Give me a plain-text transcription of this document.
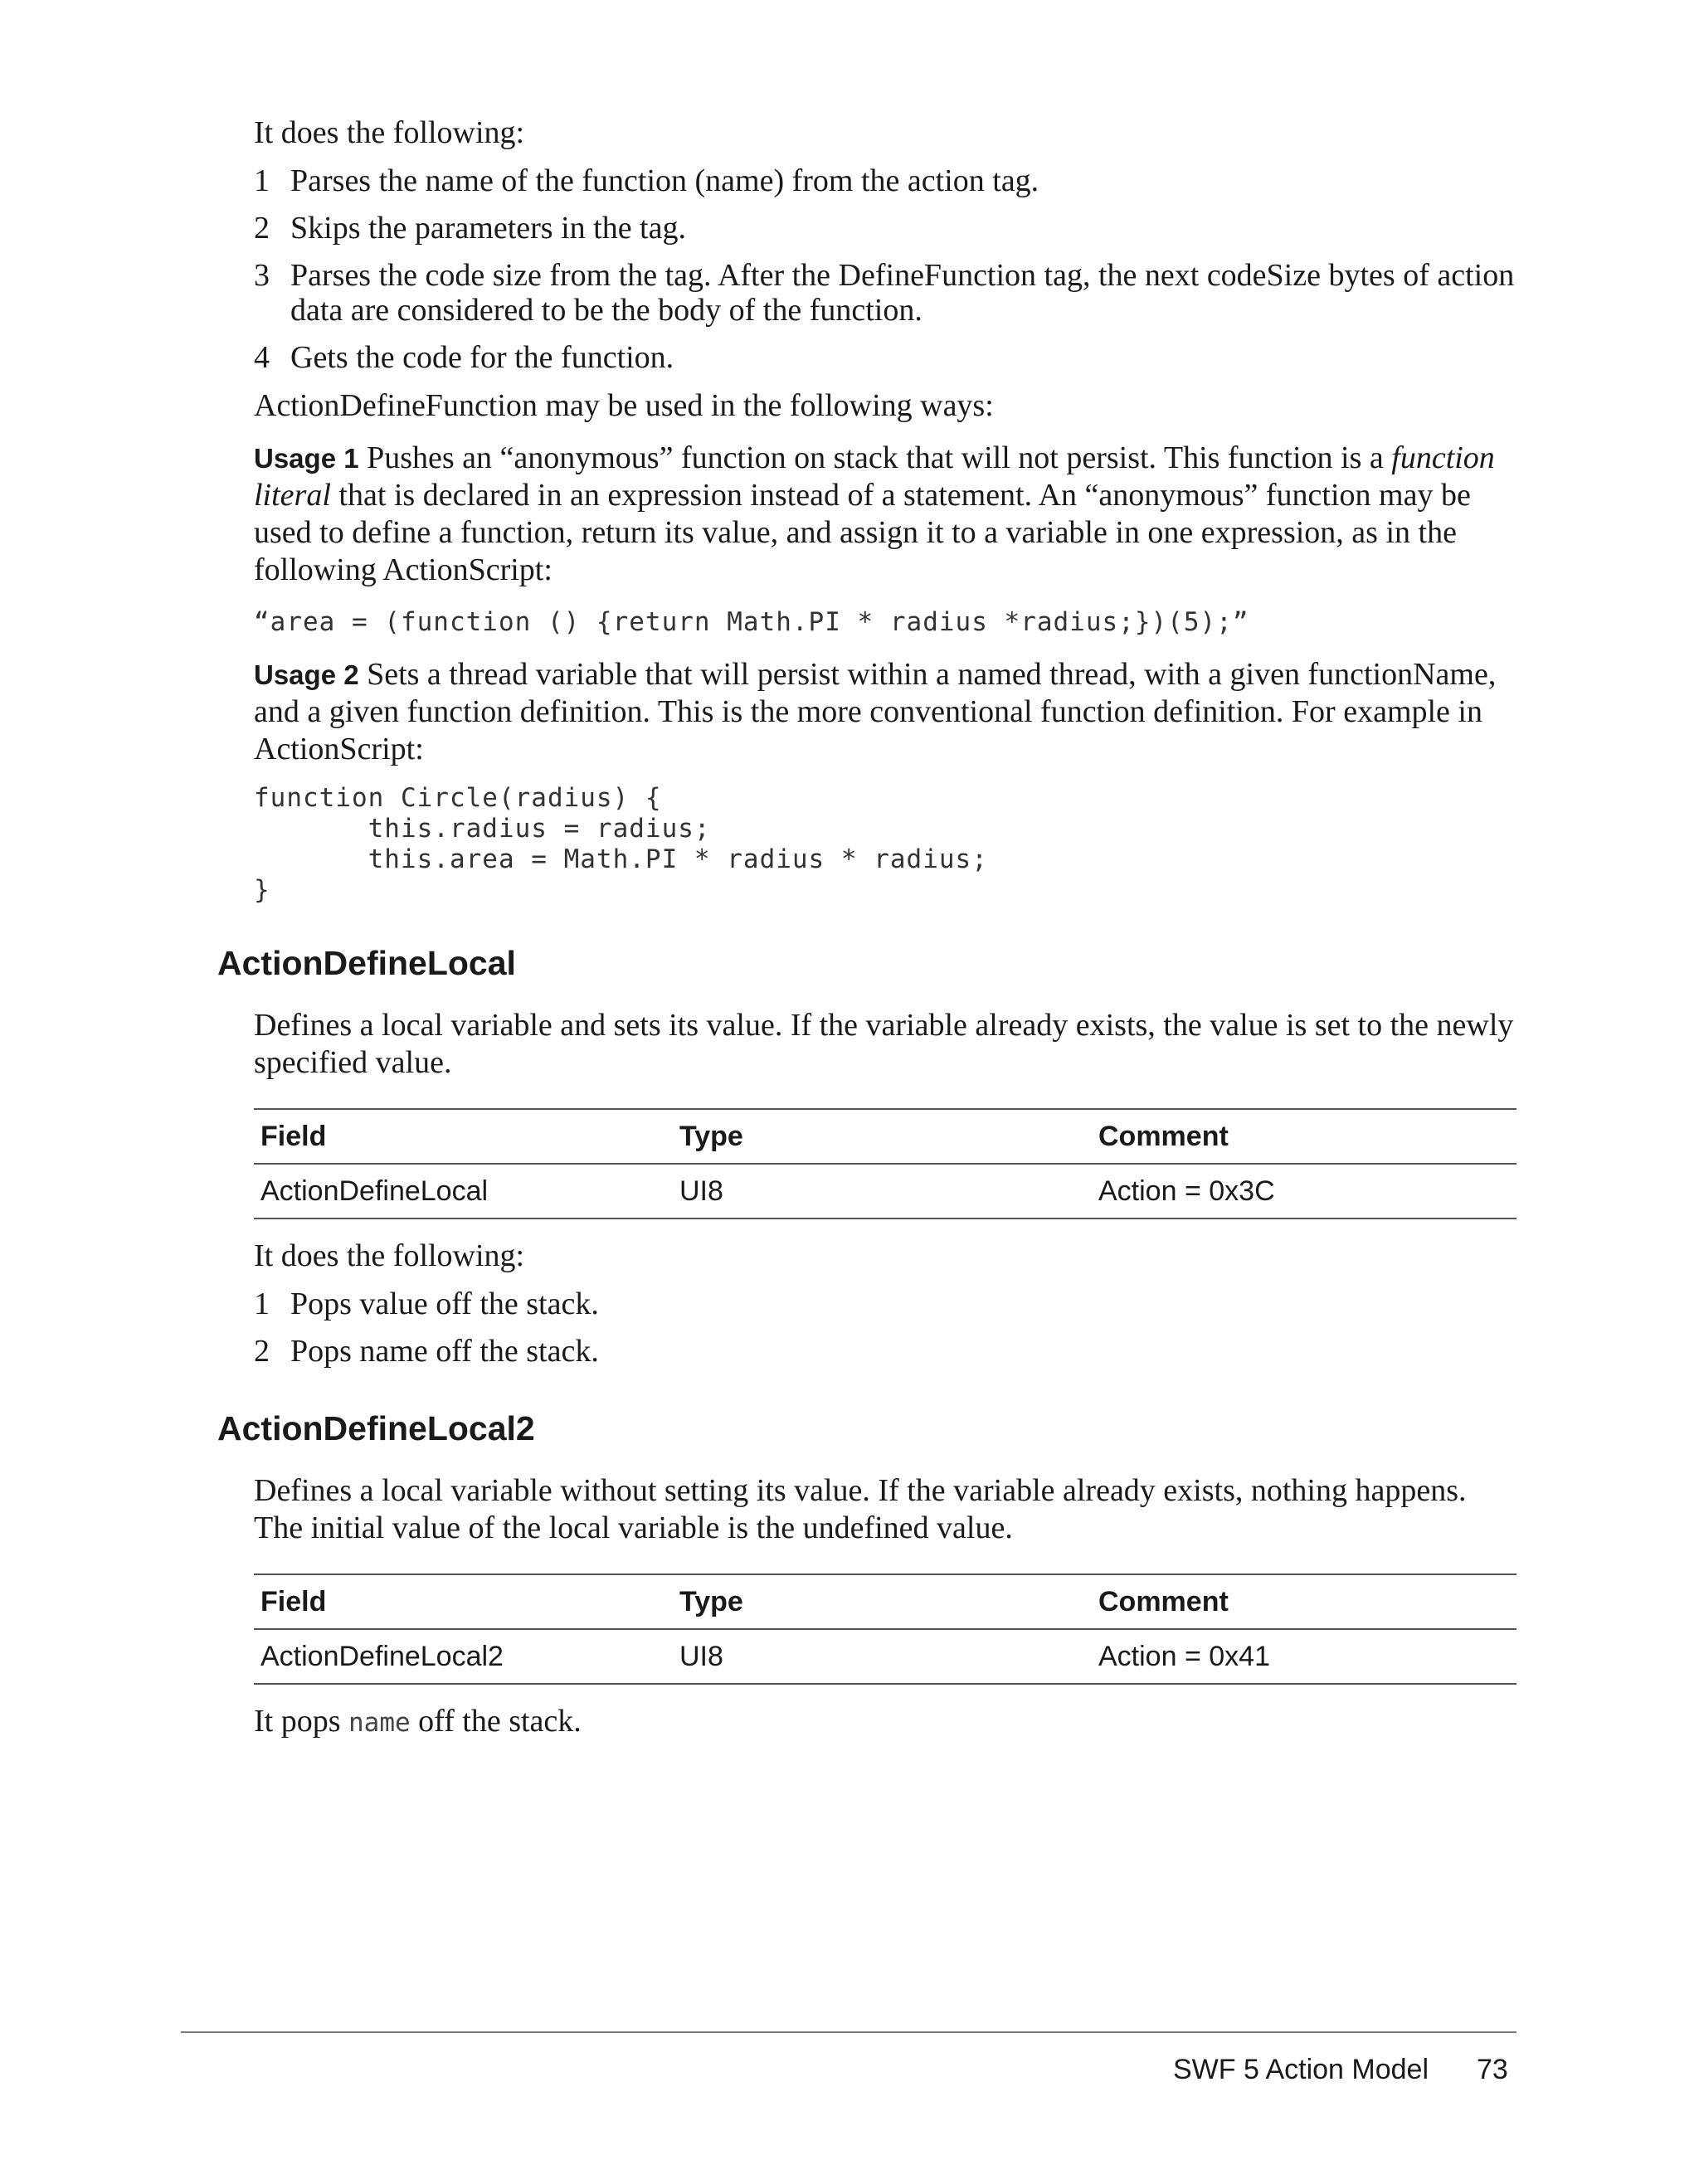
It does the following:

1 Parses the name of the function (name) from the action tag.
2 Skips the parameters in the tag.
3 Parses the code size from the tag. After the DefineFunction tag, the next codeSize bytes of action data are considered to be the body of the function.
4 Gets the code for the function.

ActionDefineFunction may be used in the following ways:

Usage 1 Pushes an “anonymous” function on stack that will not persist. This function is a function literal that is declared in an expression instead of a statement. An “anonymous” function may be used to define a function, return its value, and assign it to a variable in one expression, as in the following ActionScript:

“area = (function () {return Math.PI * radius *radius;})(5);”

Usage 2 Sets a thread variable that will persist within a named thread, with a given functionName, and a given function definition. This is the more conventional function definition. For example in ActionScript:

function Circle(radius) {
this.radius = radius;
this.area = Math.PI * radius * radius;
}
ActionDefineLocal

Defines a local variable and sets its value. If the variable already exists, the value is set to the newly specified value.

Field	Type	Comment
ActionDefineLocal	UI8	Action = 0x3C

It does the following:

1 Pops value off the stack.
2 Pops name off the stack.
ActionDefineLocal2

Defines a local variable without setting its value. If the variable already exists, nothing happens. The initial value of the local variable is the undefined value.

Field	Type	Comment
ActionDefineLocal2	UI8	Action = 0x41

It pops name off the stack.

SWF 5 Action Model 73
